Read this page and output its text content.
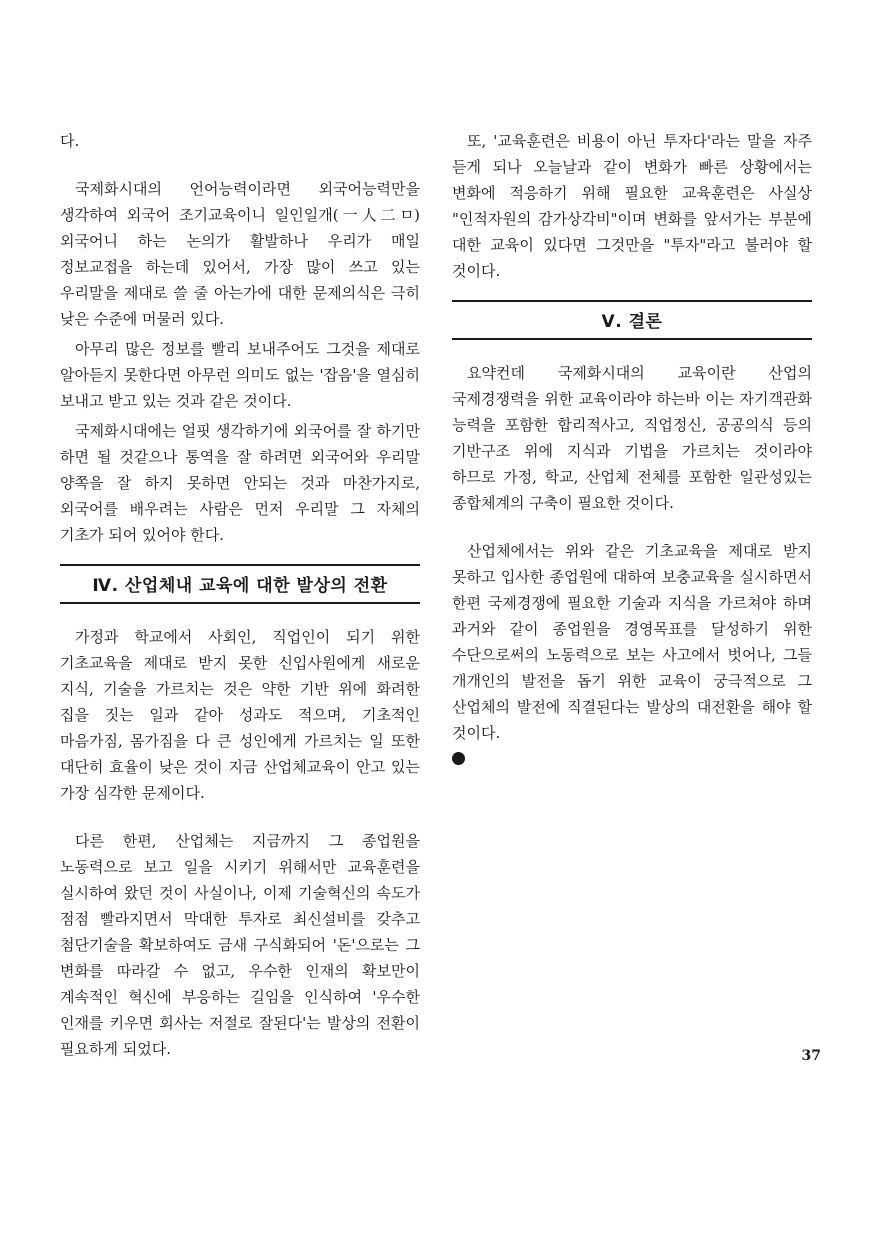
다.

국제화시대의 언어능력이라면 외국어능력만을 생각하여 외국어 조기교육이니 일인일개(一人二ㅁ) 외국어니 하는 논의가 활발하나 우리가 매일 정보교접을 하는데 있어서, 가장 많이 쓰고 있는 우리말을 제대로 쓸 줄 아는가에 대한 문제의식은 극히 낮은 수준에 머물러 있다.

아무리 많은 정보를 빨리 보내주어도 그것을 제대로 알아듣지 못한다면 아무런 의미도 없는 '잡음'을 열심히 보내고 받고 있는 것과 같은 것이다.

국제화시대에는 얼핏 생각하기에 외국어를 잘 하기만 하면 될 것같으나 통역을 잘 하려면 외국어와 우리말 양쪽을 잘 하지 못하면 안되는 것과 마찬가지로, 외국어를 배우려는 사람은 먼저 우리말 그 자체의 기초가 되어 있어야 한다.

Ⅳ. 산업체내 교육에 대한 발상의 전환

가정과 학교에서 사회인, 직업인이 되기 위한 기초교육을 제대로 받지 못한 신입사원에게 새로운 지식, 기술을 가르치는 것은 약한 기반 위에 화려한 집을 짓는 일과 같아 성과도 적으며, 기초적인 마음가짐, 몸가짐을 다 큰 성인에게 가르치는 일 또한 대단히 효율이 낮은 것이 지금 산업체교육이 안고 있는 가장 심각한 문제이다.

다른 한편, 산업체는 지금까지 그 종업원을 노동력으로 보고 일을 시키기 위해서만 교육훈련을 실시하여 왔던 것이 사실이나, 이제 기술혁신의 속도가 점점 빨라지면서 막대한 투자로 최신설비를 갖추고 첨단기술을 확보하여도 금새 구식화되어 '돈'으로는 그 변화를 따라갈 수 없고, 우수한 인재의 확보만이 계속적인 혁신에 부응하는 길임을 인식하여 '우수한 인재를 키우면 회사는 저절로 잘된다'는 발상의 전환이 필요하게 되었다.

또, '교육훈련은 비용이 아닌 투자다'라는 말을 자주 듣게 되나 오늘날과 같이 변화가 빠른 상황에서는 변화에 적응하기 위해 필요한 교육훈련은 사실상 "인적자원의 감가상각비"이며 변화를 앞서가는 부분에 대한 교육이 있다면 그것만을 "투자"라고 불러야 할 것이다.

Ⅴ. 결론

요약컨데 국제화시대의 교육이란 산업의 국제경쟁력을 위한 교육이라야 하는바 이는 자기객관화 능력을 포함한 합리적사고, 직업정신, 공공의식 등의 기반구조 위에 지식과 기법을 가르치는 것이라야 하므로 가정, 학교, 산업체 전체를 포함한 일관성있는 종합체계의 구축이 필요한 것이다.

산업체에서는 위와 같은 기초교육을 제대로 받지 못하고 입사한 종업원에 대하여 보충교육을 실시하면서 한편 국제경쟁에 필요한 기술과 지식을 가르쳐야 하며 과거와 같이 종업원을 경영목표를 달성하기 위한 수단으로써의 노동력으로 보는 사고에서 벗어나, 그들 개개인의 발전을 돕기 위한 교육이 궁극적으로 그 산업체의 발전에 직결된다는 발상의 대전환을 해야 할 것이다.

37
